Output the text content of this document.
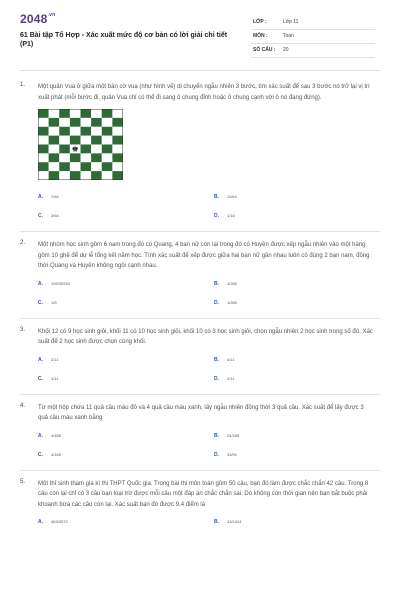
$2048^{.vn}$
61 Bài tập Tổ Hợp - Xác xuất mức độ cơ bản có lời giải chi tiết (P1)
LỚP :	Lớp 11
MÔN :	Toán
SỐ CÂU : 20
1. Một quân Vua ở giữa một bàn cờ vua (như hình vẽ) di chuyển ngẫu nhiên 3 bước, tìm xác suất để sau 3 bước nó trở lại vị trí xuất phát (mỗi bước đi, quân Vua chỉ có thể đi sang ô chung đỉnh hoặc ô chung cạnh với ô nó đang đứng).
♚
A. 7/64	B. 11/64
C. 3/64	D. 1/16
2. Một nhóm học sinh gồm 6 nam trong đó có Quang, 4 bạn nữ còn lại trong đó có Huyền được xếp ngẫu nhiên vào một hàng gồm 10 ghế để dự lễ tổng kết năm học. Tính xác suất để xếp được giữa hai bạn nữ gần nhau luôn có đúng 2 bạn nam, đồng thời Quang và Huyền không ngồi cạnh nhau.
A. 109/30240	B. 1/280
C. 1/5	D. 1/280
3. Khối 12 có 9 học sinh giỏi, khối 11 có 10 học sinh giỏi, khối 10 có 3 học sinh giỏi, chọn ngẫu nhiên 2 học sinh trong số đó. Xác suất để 2 học sinh được chọn cùng khối.
A. 2/11	B. 4/11
C. 1/11	D. 2/11
4. Từ một hộp chứa 11 quả cầu màu đỏ và 4 quả cầu màu xanh, lấy ngẫu nhiên đồng thời 3 quả cầu. Xác suất để lấy được 3 quả cầu màu xanh bằng
A. 4/455	B. 24/455
C. 4/165	D. 33/91
5. Một thí sinh tham gia kì thi THPT Quốc gia. Trong bài thi môn toán gồm 50 câu, bạn đó làm được chắc chắn 42 câu. Trong 8 câu còn lại chỉ có 3 câu bạn loại trừ được mỗi câu một đáp án chắc chắn sai. Do không còn thời gian nên bạn bắt buộc phải khoanh bừa các câu còn lại. Xác suất bạn đó được 9,4 điểm là
A. 463/3072	B. 13/1024
